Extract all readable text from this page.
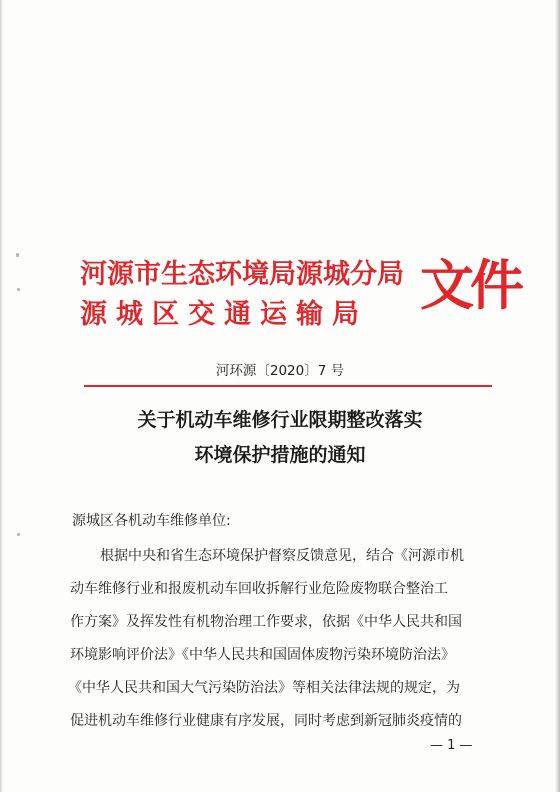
河源市生态环境局源城分局
源城区交通运输局 文件
河环源〔2020〕7 号
关于机动车维修行业限期整改落实
环境保护措施的通知
源城区各机动车维修单位:
根据中央和省生态环境保护督察反馈意见，结合《河源市机
动车维修行业和报废机动车回收拆解行业危险废物联合整治工
作方案》及挥发性有机物治理工作要求，依据《中华人民共和国
环境影响评价法》《中华人民共和国固体废物污染环境防治法》
《中华人民共和国大气污染防治法》等相关法律法规的规定，为
促进机动车维修行业健康有序发展，同时考虑到新冠肺炎疫情的
— 1 —
